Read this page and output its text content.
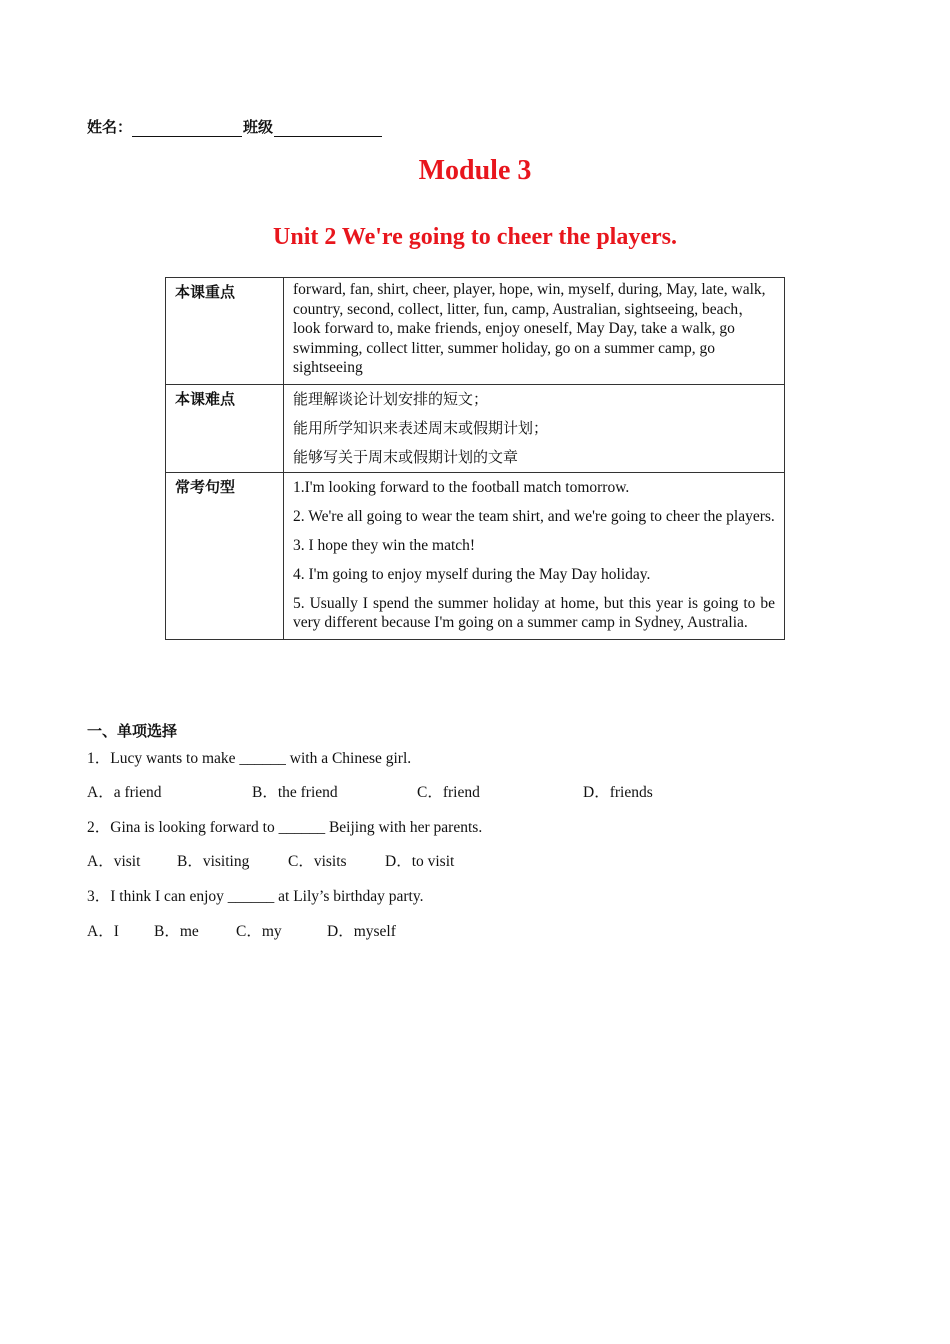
姓名：	班级
Module 3
Unit 2 We're going to cheer the players.
本课重点	forward, fan, shirt, cheer, player, hope, win, myself, during, May, late, walk, country, second, collect, litter, fun, camp, Australian, sightseeing, beach，look forward to, make friends, enjoy oneself, May Day, take a walk, go swimming, collect litter, summer holiday, go on a summer camp, go sightseeing
本课难点	能理解谈论计划安排的短文；
能用所学知识来表述周末或假期计划；
能够写关于周末或假期计划的文章

常考句型	1.I'm looking forward to the football match tomorrow.
2. We're all going to wear the team shirt, and we're going to cheer the players.
3. I hope they win the match!
4. I'm going to enjoy myself during the May Day holiday.
5. Usually I spend the summer holiday at home, but this year is going to be very different because I'm going on a summer camp in Sydney, Australia.
一、单项选择
1．Lucy wants to make ______ with a Chinese girl.
A．a friend	B．the friend	C．friend	D．friends
2．Gina is looking forward to ______ Beijing with her parents.
A．visit B．visiting C．visits D．to visit
3．I think I can enjoy ______ at Lily’s birthday party.
A．I B．me C．my	D．myself
